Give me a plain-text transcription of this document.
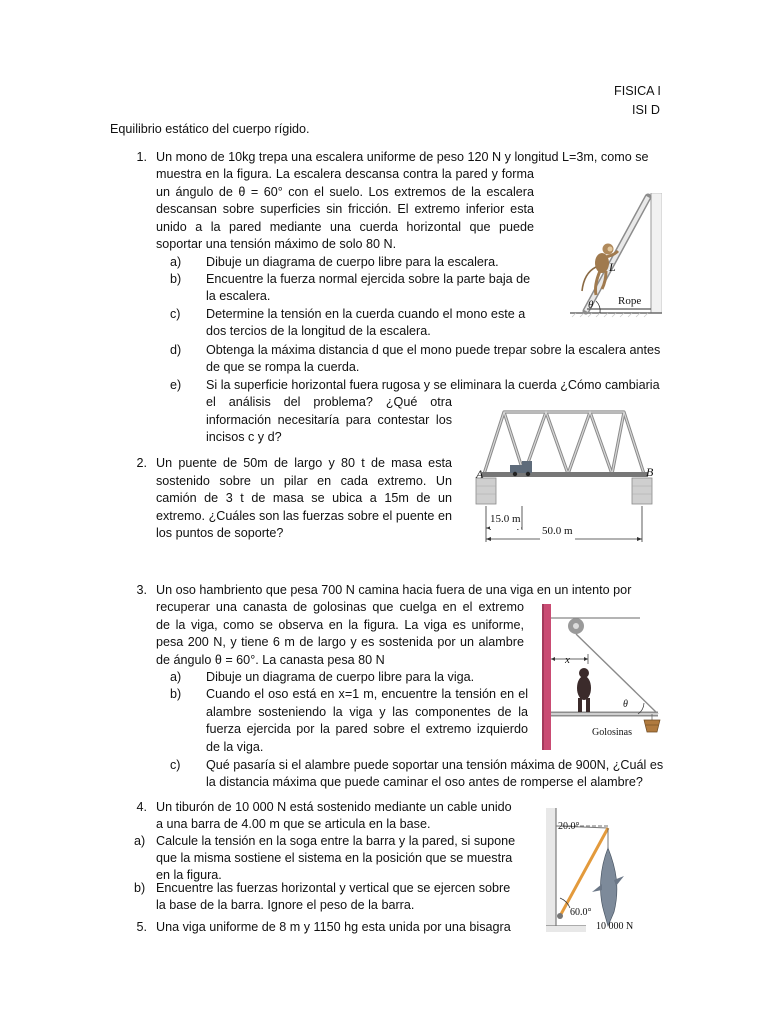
FISICA I
ISI D
Equilibrio estático del cuerpo rígido.
1. Un mono de 10kg trepa una escalera uniforme de peso 120 N y longitud L=3m, como se
muestra en la figura. La escalera descansa contra la pared y forma
un ángulo de θ = 60° con el suelo. Los extremos de la escalera
descansan sobre superficies sin fricción. El extremo inferior esta
unido a la pared mediante una cuerda horizontal que puede
soportar una tensión máximo de solo 80 N.
a)	Dibuje un diagrama de cuerpo libre para la escalera.
b)	Encuentre la fuerza normal ejercida sobre la parte baja de
la escalera.
c)	Determine la tensión en la cuerda cuando el mono este a
dos tercios de la longitud de la escalera.
d)	Obtenga la máxima distancia d que el mono puede trepar sobre la escalera antes
de que se rompa la cuerda.
e)	Si la superficie horizontal fuera rugosa y se eliminara la cuerda ¿Cómo cambiaria
el análisis del problema? ¿Qué otra
información necesitaría para contestar los
incisos c y d?
L
θ Rope
2. Un puente de 50m de largo y 80 t de masa esta
sostenido sobre un pilar en cada extremo. Un
camión de 3 t de masa se ubica a 15m de un
extremo. ¿Cuáles son las fuerzas sobre el puente en
los puntos de soporte?
A	B
15.0 m
50.0 m
3. Un oso hambriento que pesa 700 N camina hacia fuera de una viga en un intento por
recuperar una canasta de golosinas que cuelga en el extremo
de la viga, como se observa en la figura. La viga es uniforme,
pesa 200 N, y tiene 6 m de largo y es sostenida por un alambre
de ángulo θ = 60°. La canasta pesa 80 N
a)	Dibuje un diagrama de cuerpo libre para la viga.
b)	Cuando el oso está en x=1 m, encuentre la tensión en el
alambre sosteniendo la viga y las componentes de la
fuerza ejercida por la pared sobre el extremo izquierdo
de la viga.
c)	Qué pasaría si el alambre puede soportar una tensión máxima de 900N, ¿Cuál es
la distancia máxima que puede caminar el oso antes de romperse el alambre?
x
θ
Golosinas
4. Un tiburón de 10 000 N está sostenido mediante un cable unido
a una barra de 4.00 m que se articula en la base.
a) Calcule la tensión en la soga entre la barra y la pared, si supone
que la misma sostiene el sistema en la posición que se muestra
en la figura.
b) Encuentre las fuerzas horizontal y vertical que se ejercen sobre
la base de la barra. Ignore el peso de la barra.
20.0°
60.0°
10 000 N
5. Una viga uniforme de 8 m y 1150 hg esta unida por una bisagra
